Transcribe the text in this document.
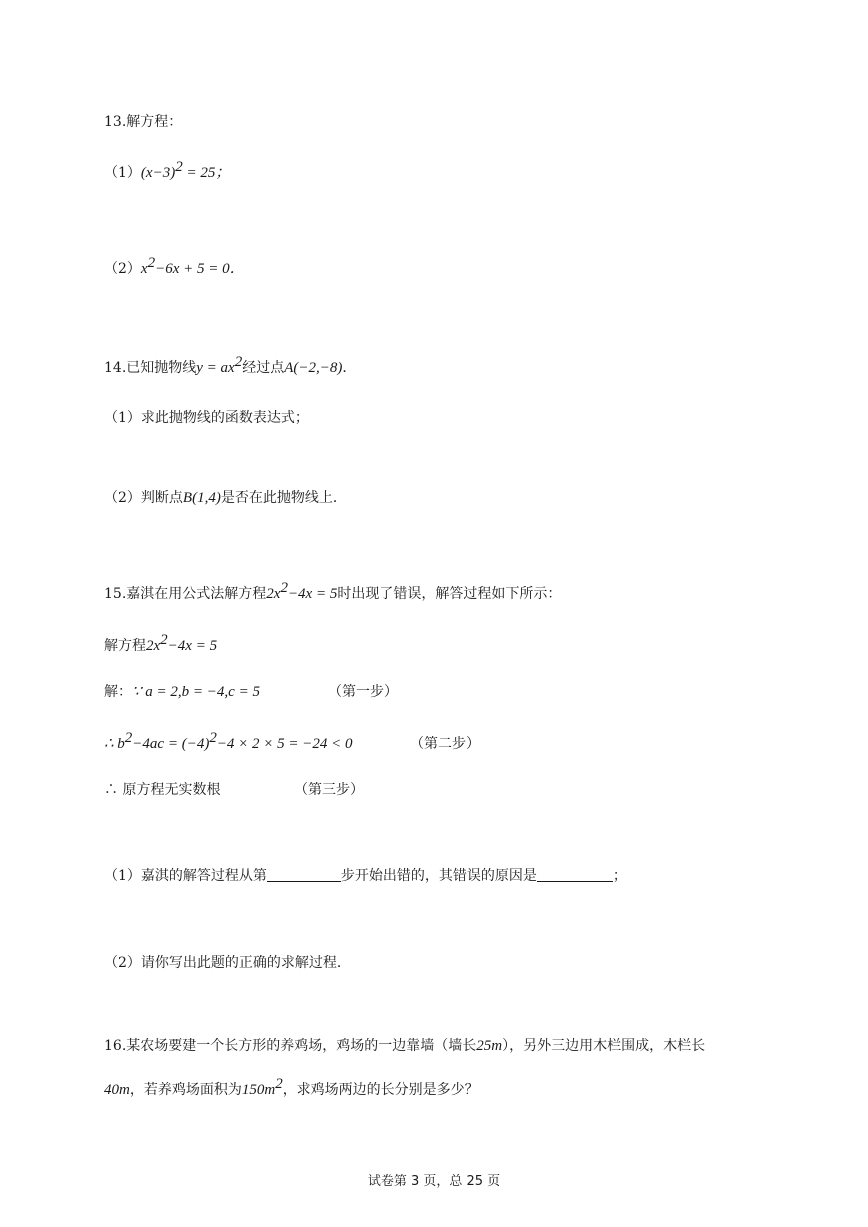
13.解方程：
$(1)(x-3)^2 = 25$；
$(2)x^2-6x + 5 = 0$．
14.已知抛物线$y = ax^2$经过点A(−2,−8)．
（1）求此抛物线的函数表达式；
（2）判断点B(1,4)是否在此抛物线上．
15.嘉淇在用公式法解方程$2x^2-4x = 5$时出现了错误，解答过程如下所示：
解方程$2x^2-4x = 5$
解：∵ a = 2,b = −4,c = 5	（第一步）
∴ $b^2-4ac = (-4)^2-4 \times 2 \times 5 = -24 < 0$	（第二步）
∴ 原方程无实数根	（第三步）
（1）嘉淇的解答过程从第	步开始出错的，其错误的原因是	；
（2）请你写出此题的正确的求解过程．
16.某农场要建一个长方形的养鸡场，鸡场的一边靠墙（墙长25m），另外三边用木栏围成，木栏长
40m，若养鸡场面积为$150m^2$，求鸡场两边的长分别是多少？
试卷第 3 页，总 25 页
